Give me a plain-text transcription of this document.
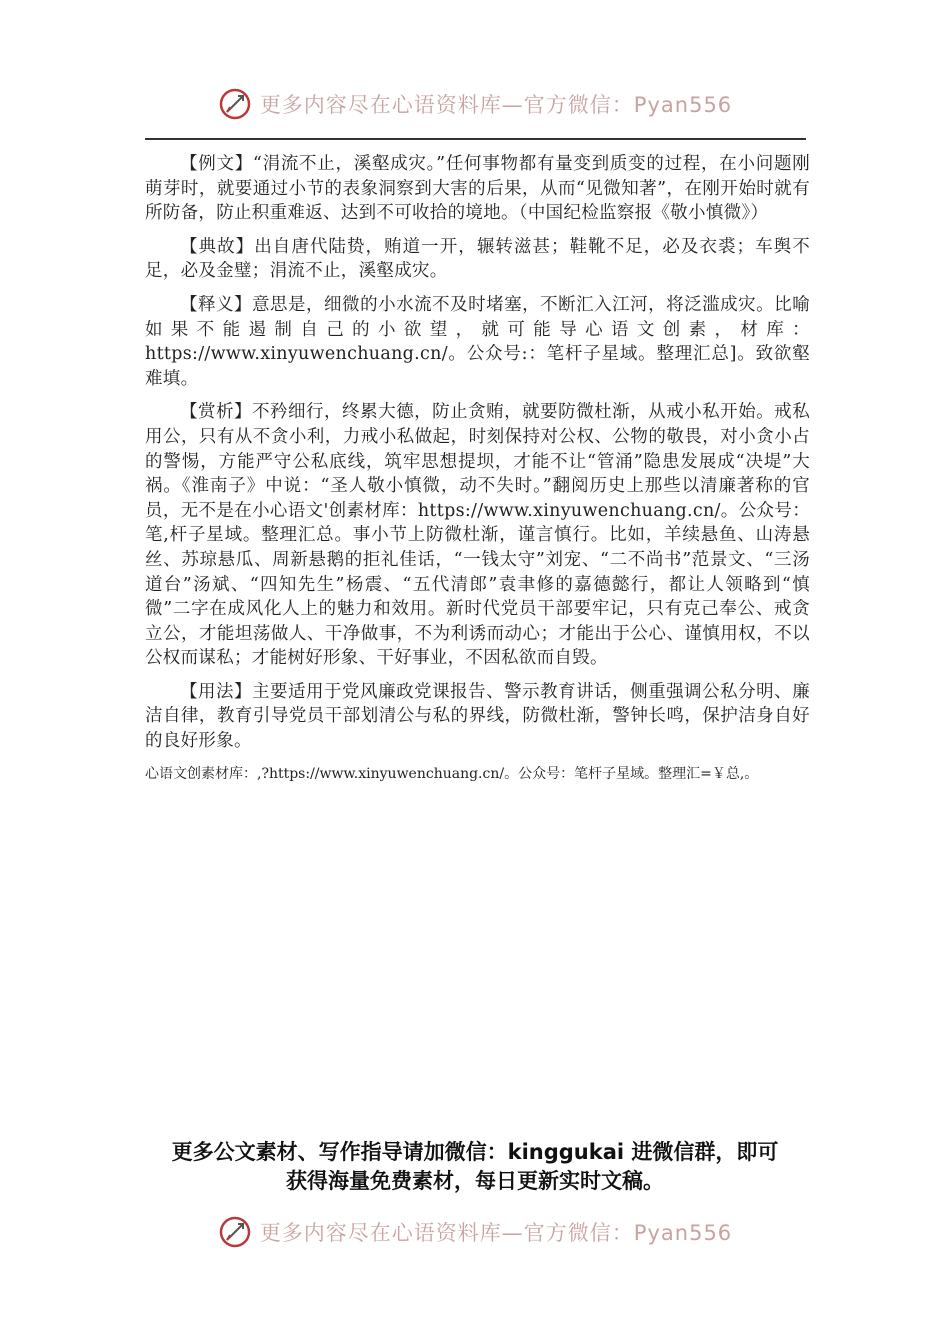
更多内容尽在心语资料库—官方微信：Pyan556

【例文】“涓流不止，溪壑成灾。”任何事物都有量变到质变的过程，在小问题刚萌芽时，就要通过小节的表象洞察到大害的后果，从而“见微知著”，在刚开始时就有所防备，防止积重难返、达到不可收拾的境地。（中国纪检监察报《敬小慎微》）

【典故】出自唐代陆贽，贿道一开，辗转滋甚；鞋靴不足，必及衣裘；车舆不足，必及金璧；涓流不止，溪壑成灾。

【释义】意思是，细微的小水流不及时堵塞，不断汇入江河，将泛滥成灾。比喻如果不能遏制自己的小欲望，就可能导心语文创素，材库：https://www.xinyuwenchuang.cn/。公众号:：笔杆子星域。整理汇总]。致欲壑难填。

【赏析】不矜细行，终累大德，防止贪贿，就要防微杜渐，从戒小私开始。戒私用公，只有从不贪小利，力戒小私做起，时刻保持对公权、公物的敬畏，对小贪小占的警惕，方能严守公私底线，筑牢思想提坝，才能不让“管涌”隐患发展成“决堤”大祸。《淮南子》中说：“圣人敬小慎微，动不失时。”翻阅历史上那些以清廉著称的官员，无不是在小心语文'创素材库：https://www.xinyuwenchuang.cn/。公众号：笔,杆子星域。整理汇总。事小节上防微杜渐，谨言慎行。比如，羊续悬鱼、山涛悬丝、苏琼悬瓜、周新悬鹅的拒礼佳话，“一钱太守”刘宠、“二不尚书”范景文、“三汤道台”汤斌、“四知先生”杨震、“五代清郎”袁聿修的嘉德懿行，都让人领略到“慎微”二字在成风化人上的魅力和效用。新时代党员干部要牢记，只有克己奉公、戒贪立公，才能坦荡做人、干净做事，不为利诱而动心；才能出于公心、谨慎用权，不以公权而谋私；才能树好形象、干好事业，不因私欲而自毁。

【用法】主要适用于党风廉政党课报告、警示教育讲话，侧重强调公私分明、廉洁自律，教育引导党员干部划清公与私的界线，防微杜渐，警钟长鸣，保护洁身自好的良好形象。

心语文创素材库：,?https://www.xinyuwenchuang.cn/。公众号：笔杆子星域。整理汇=￥总,。
更多公文素材、写作指导请加微信：kinggukai 进微信群，即可
获得海量免费素材，每日更新实时文稿。
更多内容尽在心语资料库—官方微信：Pyan556
